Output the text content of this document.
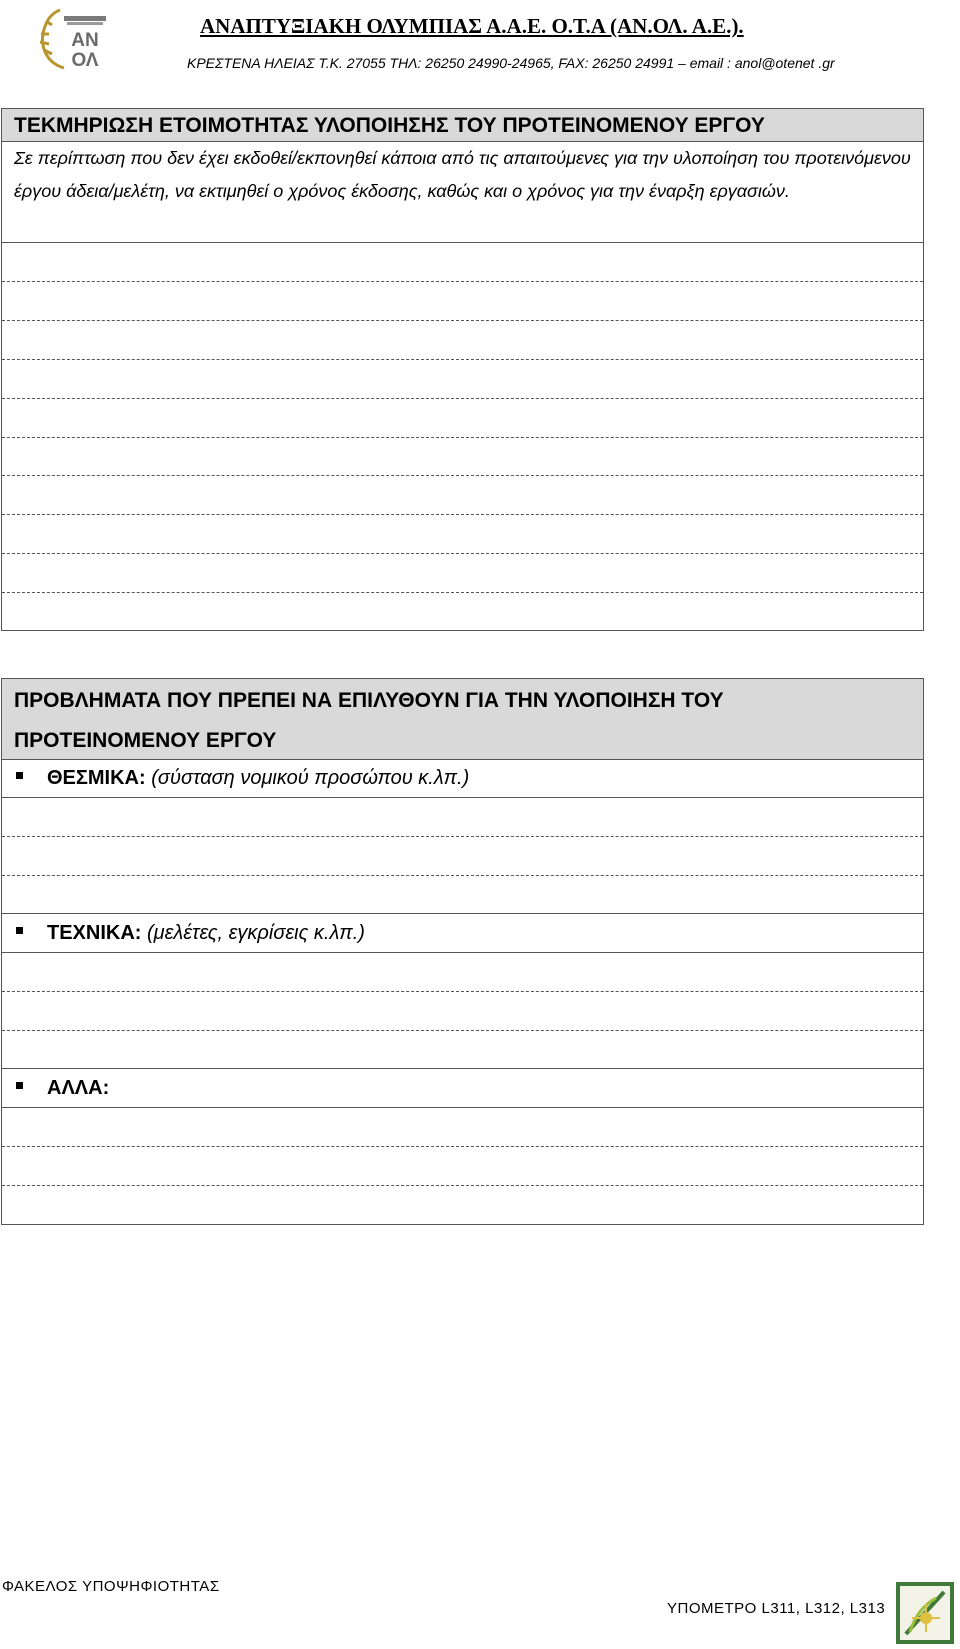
ΑΝ
ΟΛ
ΑΝΑΠΤΥΞΙΑΚΗ ΟΛΥΜΠΙΑΣ Α.Α.Ε. Ο.Τ.Α (ΑΝ.ΟΛ. Α.Ε.).
ΚΡΕΣΤΕΝΑ ΗΛΕΙΑΣ Τ.Κ. 27055 ΤΗΛ: 26250 24990-24965, FAX: 26250 24991 – email : anol@otenet .gr
ΤΕΚΜΗΡΙΩΣΗ ΕΤΟΙΜΟΤΗΤΑΣ ΥΛΟΠΟΙΗΣΗΣ ΤΟΥ ΠΡΟΤΕΙΝΟΜΕΝΟΥ ΕΡΓΟΥ
Σε περίπτωση που δεν έχει εκδοθεί/εκπονηθεί κάποια από τις απαιτούμενες για την υλοποίηση του προτεινόμενου έργου άδεια/μελέτη, να εκτιμηθεί ο χρόνος έκδοσης, καθώς και ο χρόνος για την έναρξη εργασιών.
ΠΡΟΒΛΗΜΑΤΑ ΠΟΥ ΠΡΕΠΕΙ ΝΑ ΕΠΙΛΥΘΟΥΝ ΓΙΑ ΤΗΝ ΥΛΟΠΟΙΗΣΗ ΤΟΥ ΠΡΟΤΕΙΝΟΜΕΝΟΥ ΕΡΓΟΥ
ΘΕΣΜΙΚΑ: (σύσταση νομικού προσώπου κ.λπ.)
ΤΕΧΝΙΚΑ: (μελέτες, εγκρίσεις κ.λπ.)
ΑΛΛΑ:
ΦΑΚΕΛΟΣ ΥΠΟΨΗΦΙΟΤΗΤΑΣ
ΥΠΟΜΕΤΡΟ L311, L312, L313
